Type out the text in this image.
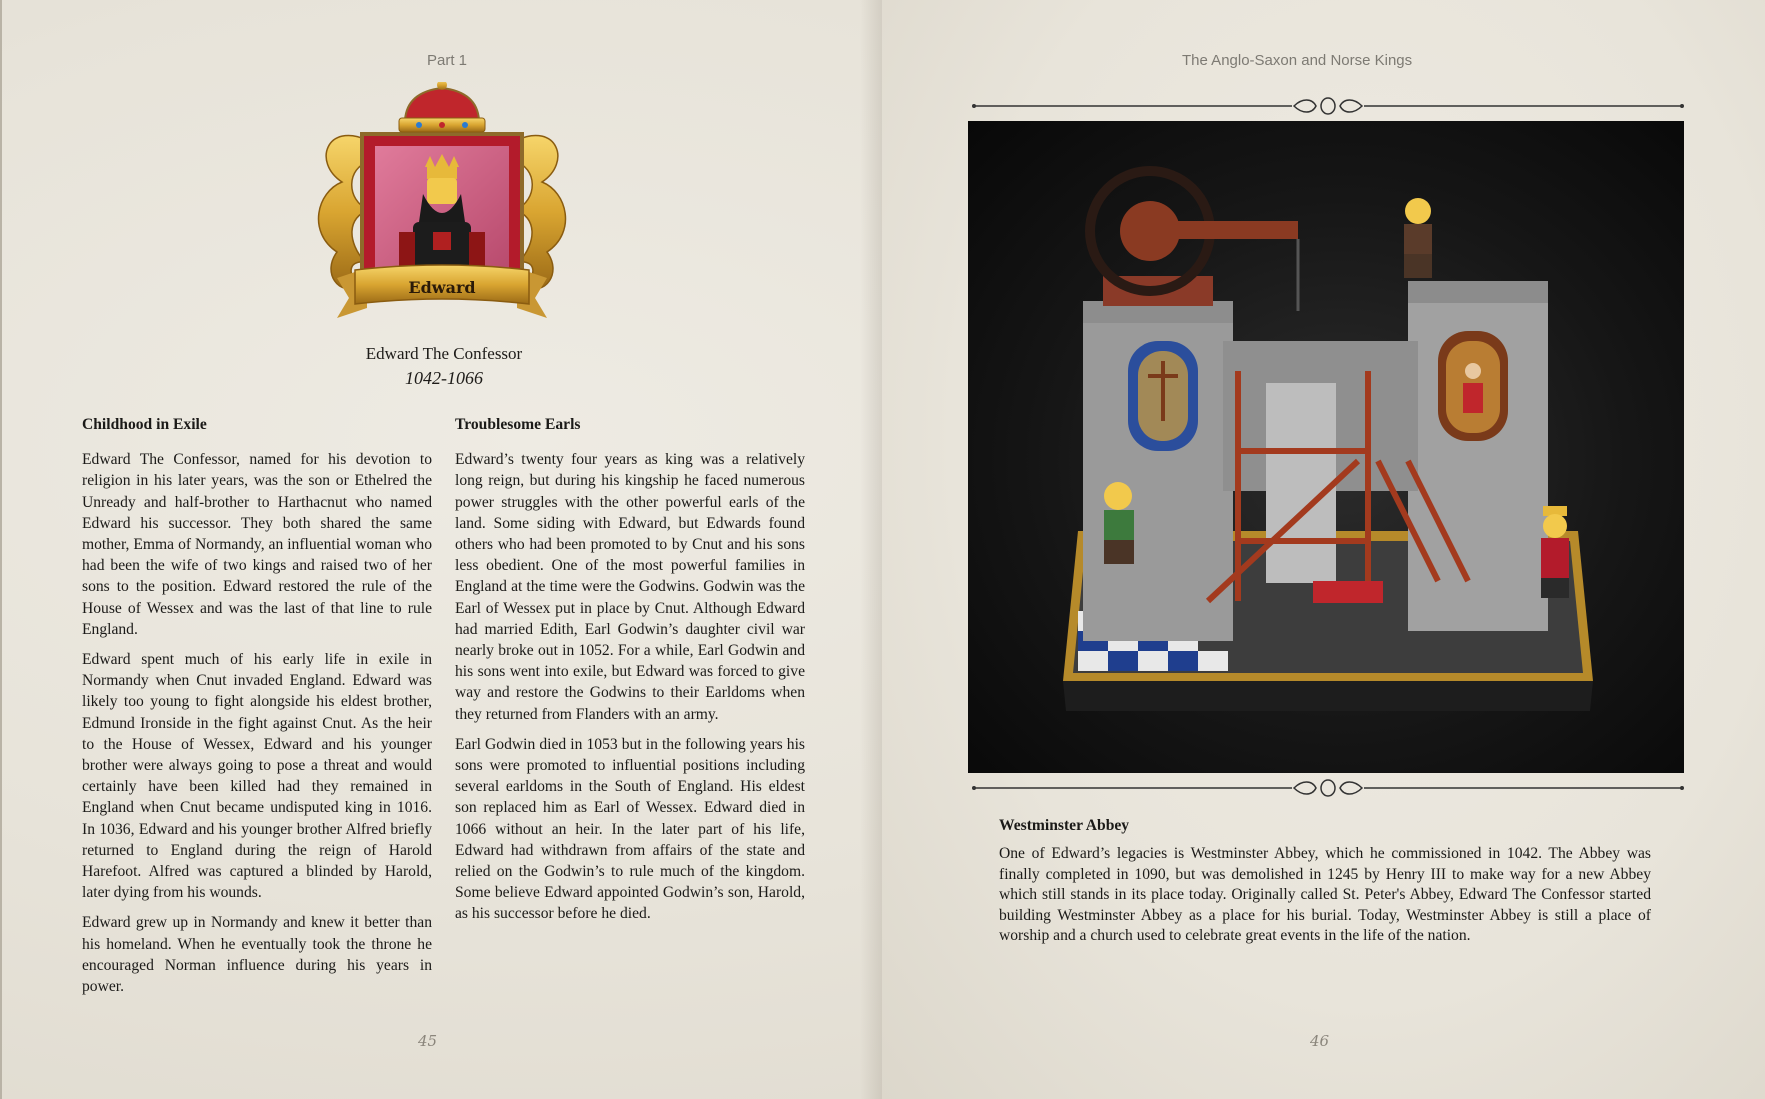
Part 1
Edward
Edward The Confessor
1042-1066
Childhood in Exile

Edward The Confessor, named for his devotion to religion in his later years, was the son or Ethelred the Unready and half-brother to Harthacnut who named Edward his successor. They both shared the same mother, Emma of Normandy, an influential woman who had been the wife of two kings and raised two of her sons to the position. Edward restored the rule of the House of Wessex and was the last of that line to rule England.

Edward spent much of his early life in exile in Normandy when Cnut invaded England. Edward was likely too young to fight alongside his eldest brother, Edmund Ironside in the fight against Cnut. As the heir to the House of Wessex, Edward and his younger brother were always going to pose a threat and would certainly have been killed had they remained in England when Cnut became undisputed king in 1016. In 1036, Edward and his younger brother Alfred briefly returned to England during the reign of Harold Harefoot. Alfred was captured a blinded by Harold, later dying from his wounds.

Edward grew up in Normandy and knew it better than his homeland. When he eventually took the throne he encouraged Norman influence during his years in power.

Troublesome Earls

Edward’s twenty four years as king was a relatively long reign, but during his kingship he faced numerous power struggles with the other powerful earls of the land. Some siding with Edward, but Edwards found others who had been promoted to by Cnut and his sons less obedient. One of the most powerful families in England at the time were the Godwins. Godwin was the Earl of Wessex put in place by Cnut. Although Edward had married Edith, Earl Godwin’s daughter civil war nearly broke out in 1052. For a while, Earl Godwin and his sons went into exile, but Edward was forced to give way and restore the Godwins to their Earldoms when they returned from Flanders with an army.

Earl Godwin died in 1053 but in the following years his sons were promoted to influential positions including several earldoms in the South of England. His eldest son replaced him as Earl of Wessex. Edward died in 1066 without an heir. In the later part of his life, Edward had withdrawn from affairs of the state and relied on the Godwin’s to rule much of the kingdom. Some believe Edward appointed Godwin’s son, Harold, as his successor before he died.

45
The Anglo-Saxon and Norse Kings
46
Westminster Abbey
One of Edward’s legacies is Westminster Abbey, which he commissioned in 1042. The Abbey was finally completed in 1090, but was demolished in 1245 by Henry III to make way for a new Abbey which still stands in its place today. Originally called St. Peter's Abbey, Edward The Confessor started building Westminster Abbey as a place for his burial. Today, Westminster Abbey is still a place of worship and a church used to celebrate great events in the life of the nation.
